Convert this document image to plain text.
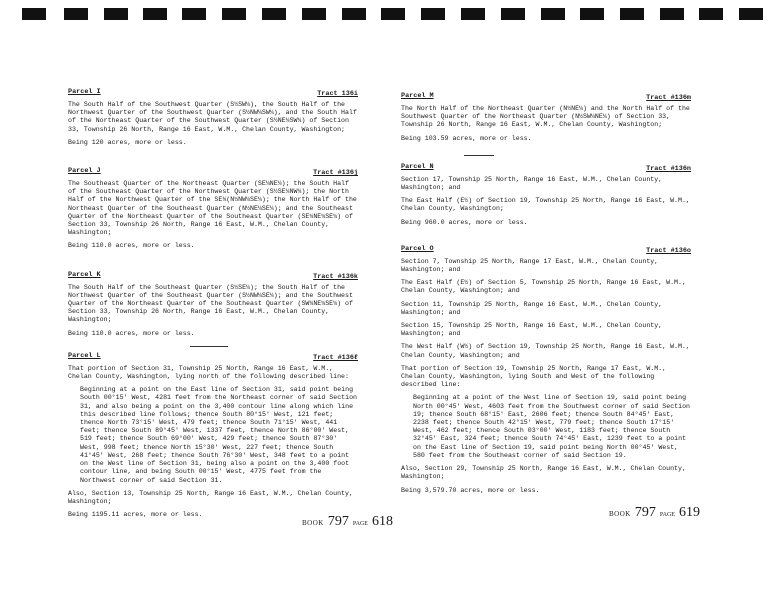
Parcel I	Tract 136i

The South Half of the Southwest Quarter (S½SW¼), the South Half of the Northwest Quarter of the Southwest Quarter (S½NW¼SW¼), and the South Half of the Northeast Quarter of the Southwest Quarter (S½NE¼SW¼) of Section 33, Township 26 North, Range 16 East, W.M., Chelan County, Washington;

Being 120 acres, more or less.

Parcel J	Tract #136j

The Southeast Quarter of the Northeast Quarter (SE¼NE¼); the South Half of the Southeast Quarter of the Northwest Quarter (S½SE¼NW¼); the North Half of the Northwest Quarter of the SE¼(N½NW¼SE¼); the North Half of the Northeast Quarter of the Southeast Quarter (N½NE¼SE¼); and the Southeast Quarter of the Northeast Quarter of the Southeast Quarter (SE¼NE¼SE¼) of Section 33, Township 26 North, Range 16 East, W.M., Chelan County, Washington;

Being 110.0 acres, more or less.

Parcel K	Tract #136k

The South Half of the Southeast Quarter (S½SE¼); the South Half of the Northwest Quarter of the Southeast Quarter (S½NW¼SE¼); and the Southwest Quarter of the Northeast Quarter of the Southeast Quarter (SW¼NE¼SE¼) of Section 33, Township 26 North, Range 16 East, W.M., Chelan County, Washington;

Being 110.0 acres, more or less.

Parcel L	Tract #136ℓ

That portion of Section 31, Township 25 North, Range 16 East, W.M., Chelan County, Washington, lying north of the following described line:

Beginning at a point on the East line of Section 31, said point being South 00°15' West, 4281 feet from the Northeast corner of said Section 31, and also being a point on the 3,400 contour line along which line this described line follows; thence South 80°15' West, 121 feet; thence North 73°15' West, 479 feet; thence South 71°15' West, 441 feet; thence South 89°45' West, 1337 feet, thence North 86°00' West, 519 feet; thence South 69°00' West, 429 feet; thence South 87°30' West, 998 feet; thence North 15°30' West, 227 feet; thence South 41°45' West, 268 feet; thence South 76°30' West, 348 feet to a point on the West line of Section 31, being also a point on the 3,400 foot contour line, and being South 00°15' West, 4775 feet from the Northwest corner of said Section 31.

Also, Section 13, Township 25 North, Range 16 East, W.M., Chelan County, Washington;

Being 1195.11 acres, more or less.

BOOK 797 PAGE 618
Parcel M	Tract #136m

The North Half of the Northeast Quarter (N½NE¼) and the North Half of the Southwest Quarter of the Northeast Quarter (N½SW¼NE¼) of Section 33, Township 26 North, Range 16 East, W.M., Chelan County, Washington;

Being 103.59 acres, more or less.

Parcel N	Tract #136n

Section 17, Township 25 North, Range 16 East, W.M., Chelan County, Washington; and

The East Half (E½) of Section 19, Township 25 North, Range 16 East, W.M., Chelan County, Washington;

Being 960.0 acres, more or less.

Parcel O	Tract #136o

Section 7, Township 25 North, Range 17 East, W.M., Chelan County, Washington; and

The East Half (E½) of Section 5, Township 25 North, Range 16 East, W.M., Chelan County, Washington; and

Section 11, Township 25 North, Range 16 East, W.M., Chelan County, Washington; and

Section 15, Township 25 North, Range 16 East, W.M., Chelan County, Washington; and

The West Half (W½) of Section 19, Township 25 North, Range 16 East, W.M., Chelan County, Washington; and

That portion of Section 19, Township 25 North, Range 17 East, W.M., Chelan County, Washington, lying South and West of the following described line:

Beginning at a point of the West line of Section 19, said point being North 00°45' West, 4603 feet from the Southwest corner of said Section 19; thence South 68°15' East, 2606 feet; thence South 84°45' East, 2238 feet; thence South 42°15' West, 779 feet; thence South 17°15' West, 462 feet; thence South 03°00' West, 1183 feet; thence South 32°45' East, 324 feet; thence South 74°45' East, 1239 feet to a point on the East line of Section 19, said point being North 00°45' West, 580 feet from the Southeast corner of said Section 19.

Also, Section 29, Township 25 North, Range 16 East, W.M., Chelan County, Washington;

Being 3,579.70 acres, more or less.

BOOK 797 PAGE 619
